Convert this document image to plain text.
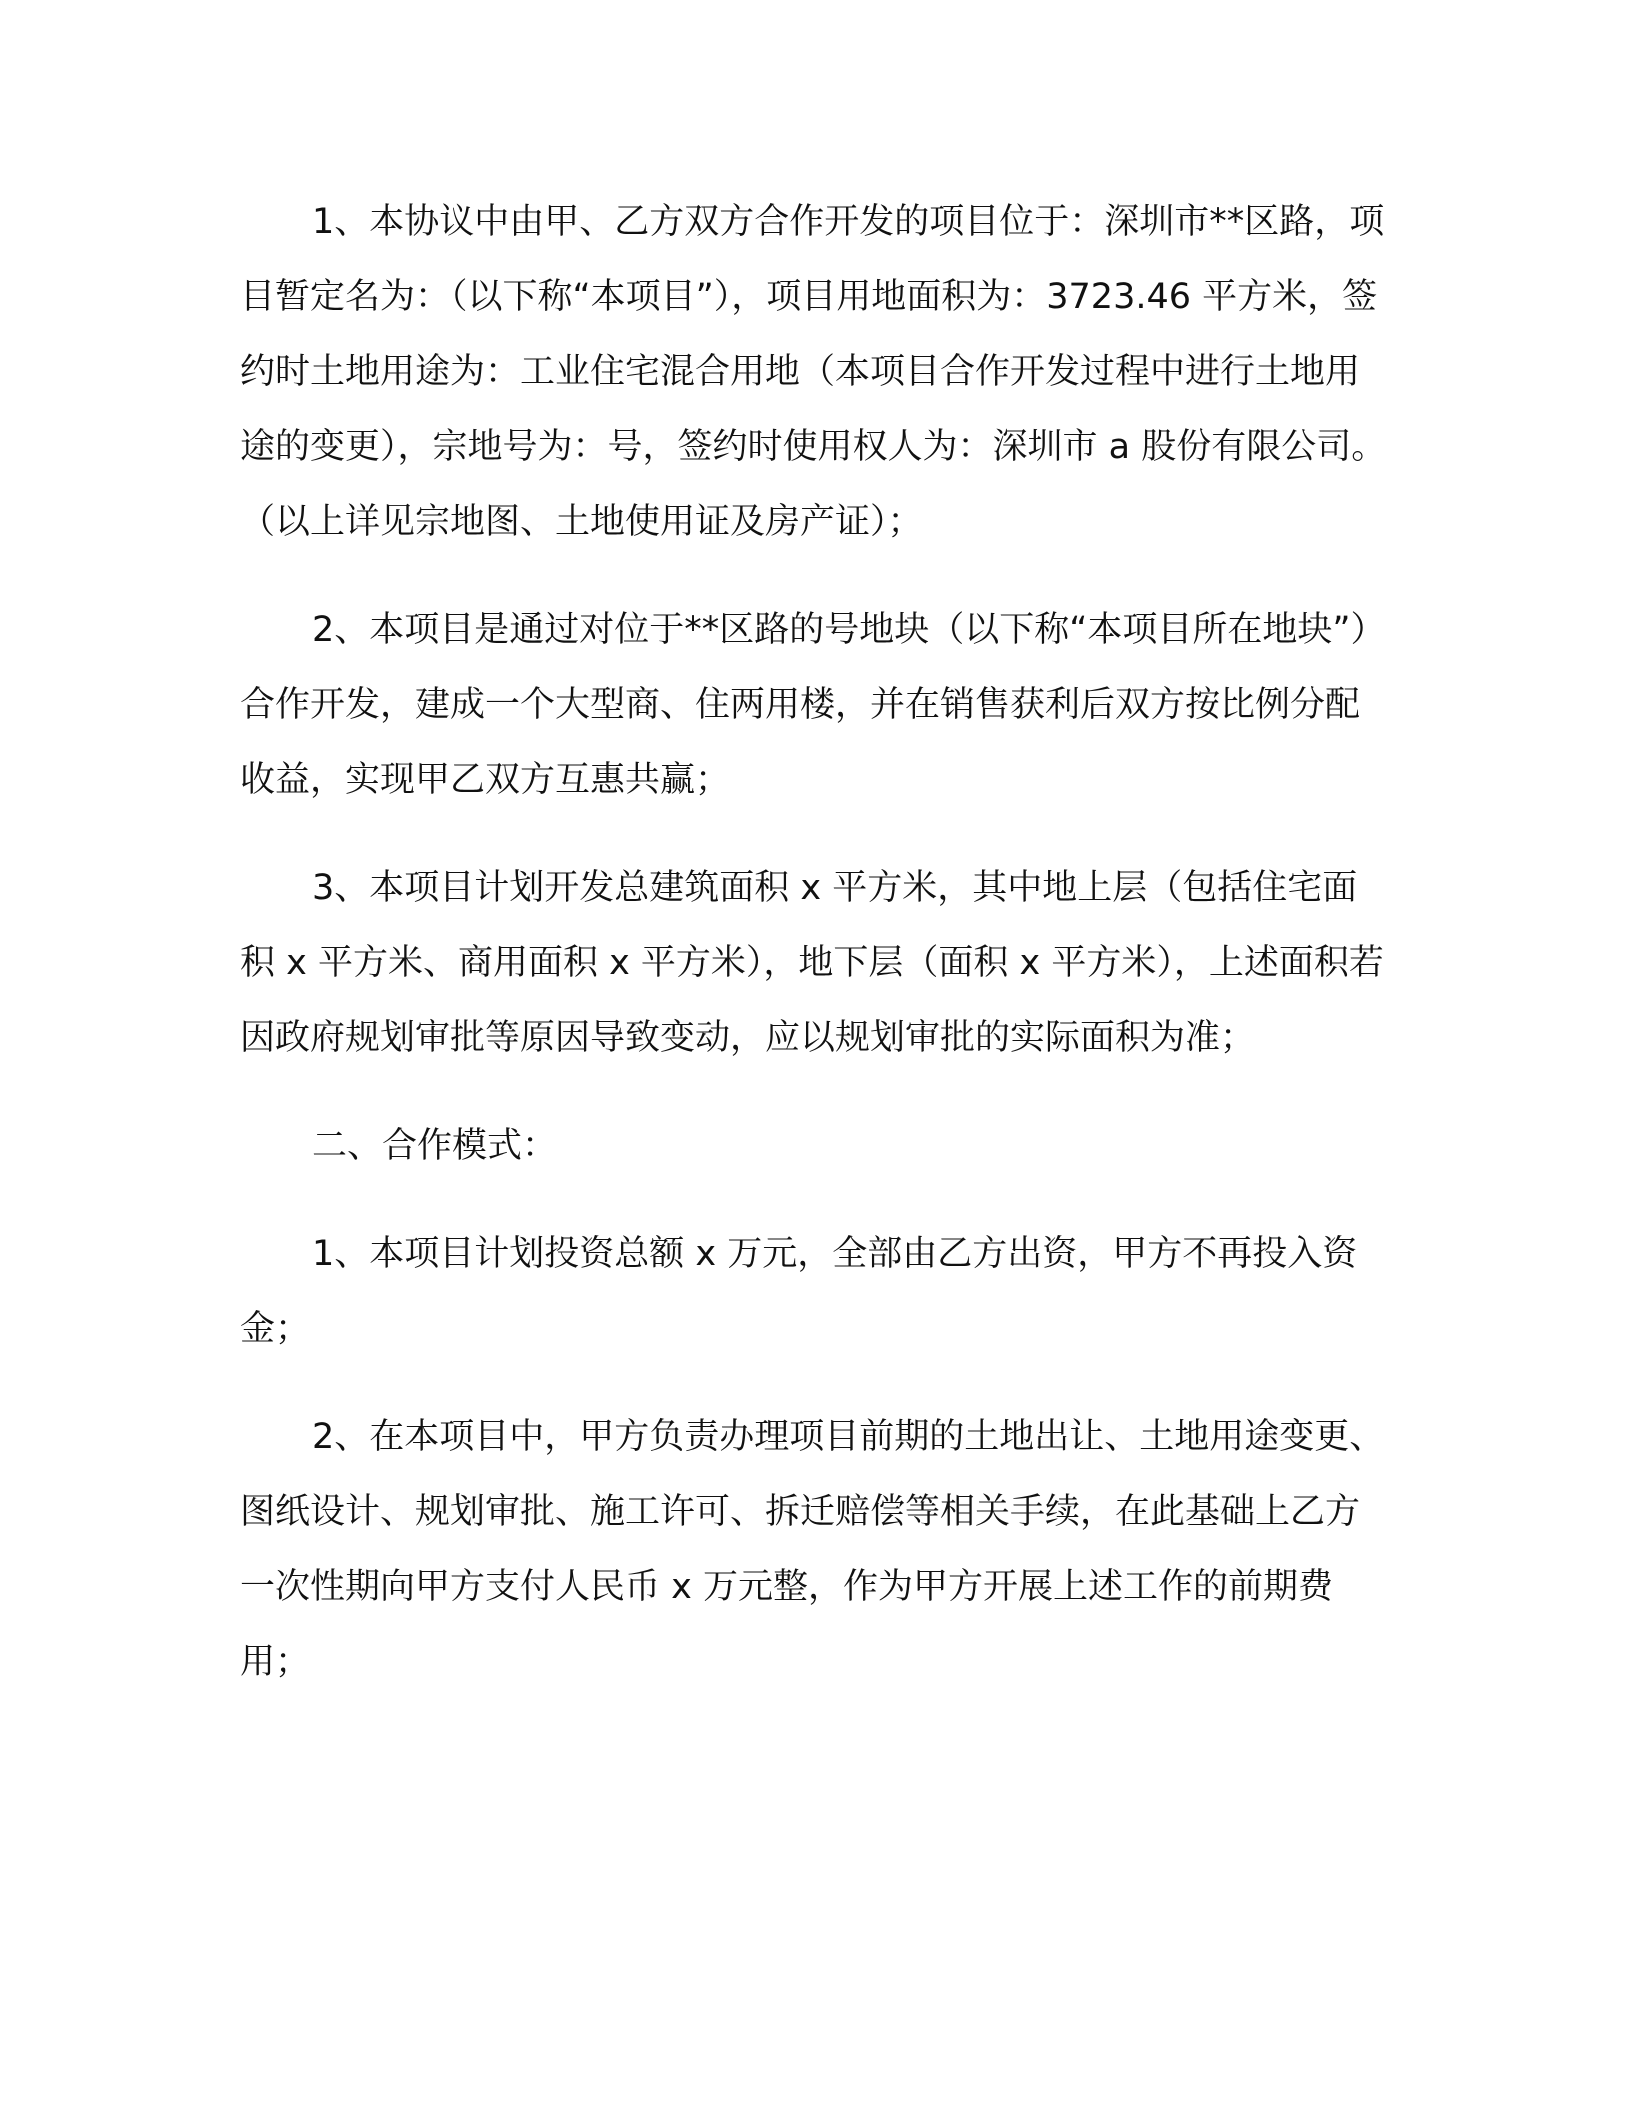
1、本协议中由甲、乙方双方合作开发的项目位于：深圳市**区路，项目暂定名为：（以下称“本项目”），项目用地面积为：3723.46 平方米，签约时土地用途为：工业住宅混合用地（本项目合作开发过程中进行土地用途的变更），宗地号为：号，签约时使用权人为：深圳市 a 股份有限公司。（以上详见宗地图、土地使用证及房产证）；

2、本项目是通过对位于**区路的号地块（以下称“本项目所在地块”）合作开发，建成一个大型商、住两用楼，并在销售获利后双方按比例分配收益，实现甲乙双方互惠共赢；

3、本项目计划开发总建筑面积 x 平方米，其中地上层（包括住宅面积 x 平方米、商用面积 x 平方米），地下层（面积 x 平方米），上述面积若因政府规划审批等原因导致变动，应以规划审批的实际面积为准；

二、合作模式：

1、本项目计划投资总额 x 万元，全部由乙方出资，甲方不再投入资金；

2、在本项目中，甲方负责办理项目前期的土地出让、土地用途变更、图纸设计、规划审批、施工许可、拆迁赔偿等相关手续，在此基础上乙方一次性期向甲方支付人民币 x 万元整，作为甲方开展上述工作的前期费用；
